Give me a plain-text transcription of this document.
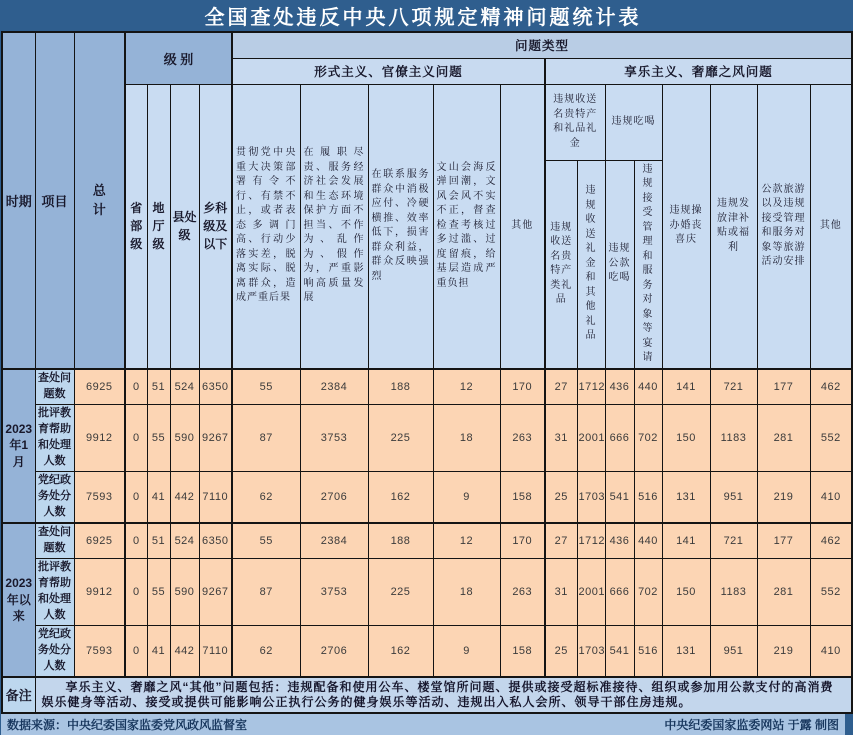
全国查处违反中央八项规定精神问题统计表
时期	项目	总计	级 别				问题类型												
							形式主义、官僚主义问题					享乐主义、奢靡之风问题							
			省部级	地厅级	县处级	乡科级及以下	贯彻党中央重大决策部署有令不行、有禁不止，或者表态多调门高、行动少落实差，脱离实际、脱离群众，造成严重后果	在履职尽责、服务经济社会发展和生态环境保护方面不担当、不作为、乱作为、假作为，严重影响高质量发展	在联系服务群众中消极应付、冷硬横推、效率低下，损害群众利益，群众反映强烈	文山会海反弹回潮，文风会风不实不正，督查检查考核过多过滥、过度留痕，给基层造成严重负担	其他	违规收送名贵特产和礼品礼金		违规吃喝		违规操办婚丧喜庆	违规发放津补贴或福利	公款旅游以及违规接受管理和服务对象等旅游活动安排	其他
												违规收送名贵特产类礼品	违规收送礼金和其他礼品	违规公款吃喝	违规接受管理和服务对象等宴请				
2023年1月	查处问题数	6925	0	51	524	6350	55	2384	188	12	170	27	1712	436	440	141	721	177	462
	批评教育帮助和处理人数	9912	0	55	590	9267	87	3753	225	18	263	31	2001	666	702	150	1183	281	552
	党纪政务处分人数	7593	0	41	442	7110	62	2706	162	9	158	25	1703	541	516	131	951	219	410
2023年以来	查处问题数	6925	0	51	524	6350	55	2384	188	12	170	27	1712	436	440	141	721	177	462
	批评教育帮助和处理人数	9912	0	55	590	9267	87	3753	225	18	263	31	2001	666	702	150	1183	281	552
	党纪政务处分人数	7593	0	41	442	7110	62	2706	162	9	158	25	1703	541	516	131	951	219	410
备注	享乐主义、奢靡之风“其他”问题包括：违规配备和使用公车、楼堂馆所问题、提供或接受超标准接待、组织或参加用公款支付的高消费娱乐健身等活动、接受或提供可能影响公正执行公务的健身娱乐等活动、违规出入私人会所、领导干部住房违规。																		
数据来源：中央纪委国家监委党风政风监督室	中央纪委国家监委网站 于露 制图
